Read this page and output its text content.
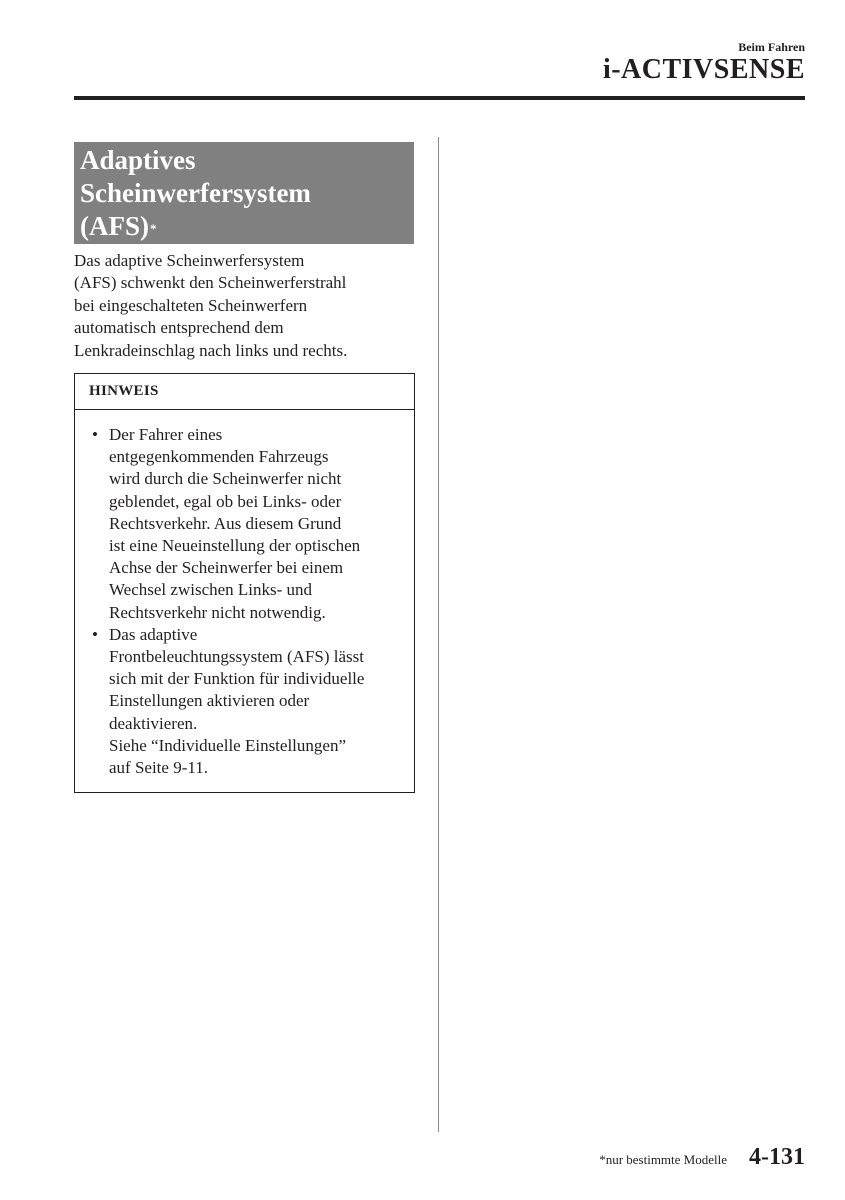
Beim Fahren
i-ACTIVSENSE
Adaptives
Scheinwerfersystem
(AFS)*
Das adaptive Scheinwerfersystem
(AFS) schwenkt den Scheinwerferstrahl
bei eingeschalteten Scheinwerfern
automatisch entsprechend dem
Lenkradeinschlag nach links und rechts.
HINWEIS
• Der Fahrer eines
entgegenkommenden Fahrzeugs
wird durch die Scheinwerfer nicht
geblendet, egal ob bei Links- oder
Rechtsverkehr. Aus diesem Grund
ist eine Neueinstellung der optischen
Achse der Scheinwerfer bei einem
Wechsel zwischen Links- und
Rechtsverkehr nicht notwendig.
• Das adaptive
Frontbeleuchtungssystem (AFS) lässt
sich mit der Funktion für individuelle
Einstellungen aktivieren oder
deaktivieren.
Siehe “Individuelle Einstellungen”
auf Seite 9-11.
*nur bestimmte Modelle 4-131
